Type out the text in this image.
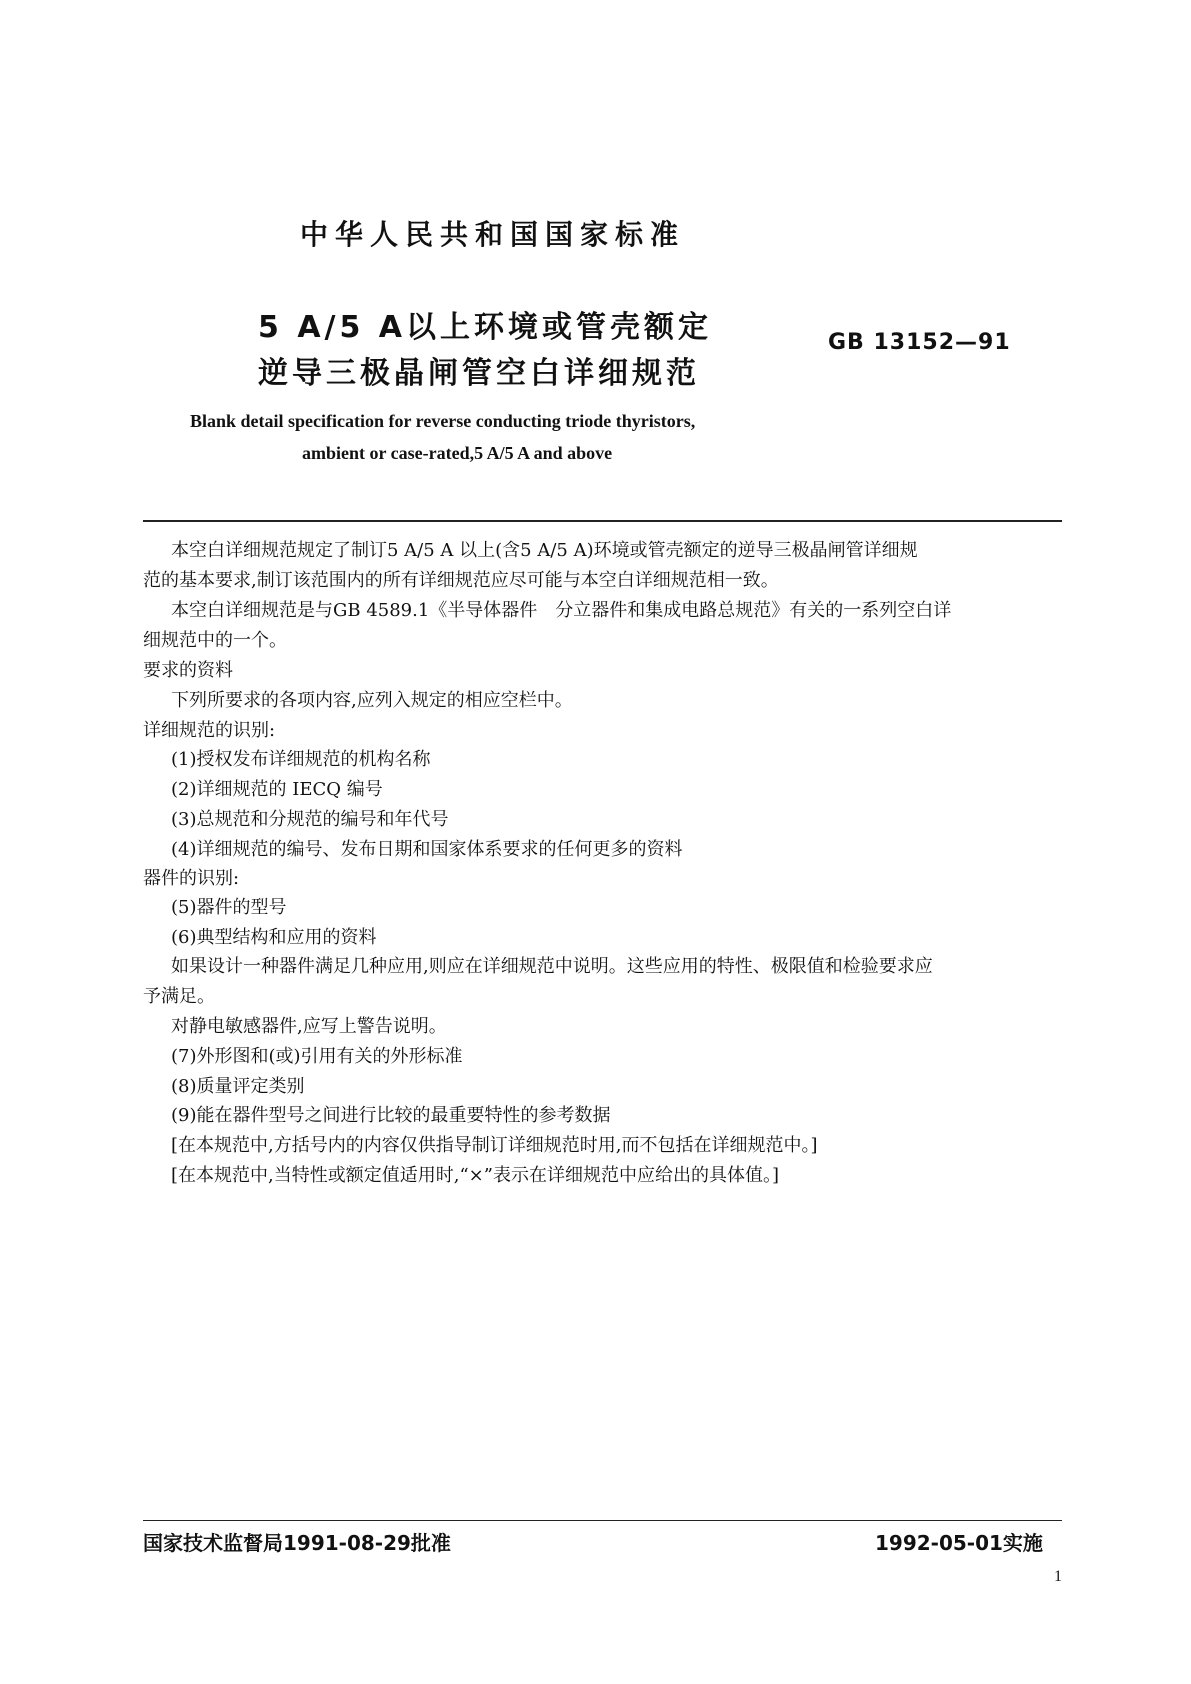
中华人民共和国国家标准
5 A/5 A以上环境或管壳额定
逆导三极晶闸管空白详细规范
GB 13152—91
Blank detail specification for reverse conducting triode thyristors,
ambient or case-rated,5 A/5 A and above
本空白详细规范规定了制订5 A/5 A 以上(含5 A/5 A)环境或管壳额定的逆导三极晶闸管详细规
范的基本要求,制订该范围内的所有详细规范应尽可能与本空白详细规范相一致。
本空白详细规范是与GB 4589.1《半导体器件　分立器件和集成电路总规范》有关的一系列空白详
细规范中的一个。
要求的资料
下列所要求的各项内容,应列入规定的相应空栏中。
详细规范的识别:
(1)授权发布详细规范的机构名称
(2)详细规范的 IECQ 编号
(3)总规范和分规范的编号和年代号
(4)详细规范的编号、发布日期和国家体系要求的任何更多的资料
器件的识别:
(5)器件的型号
(6)典型结构和应用的资料
如果设计一种器件满足几种应用,则应在详细规范中说明。这些应用的特性、极限值和检验要求应
予满足。
对静电敏感器件,应写上警告说明。
(7)外形图和(或)引用有关的外形标准
(8)质量评定类别
(9)能在器件型号之间进行比较的最重要特性的参考数据
[在本规范中,方括号内的内容仅供指导制订详细规范时用,而不包括在详细规范中。]
[在本规范中,当特性或额定值适用时,“×”表示在详细规范中应给出的具体值。]
国家技术监督局1991-08-29批准	1992-05-01实施
1
